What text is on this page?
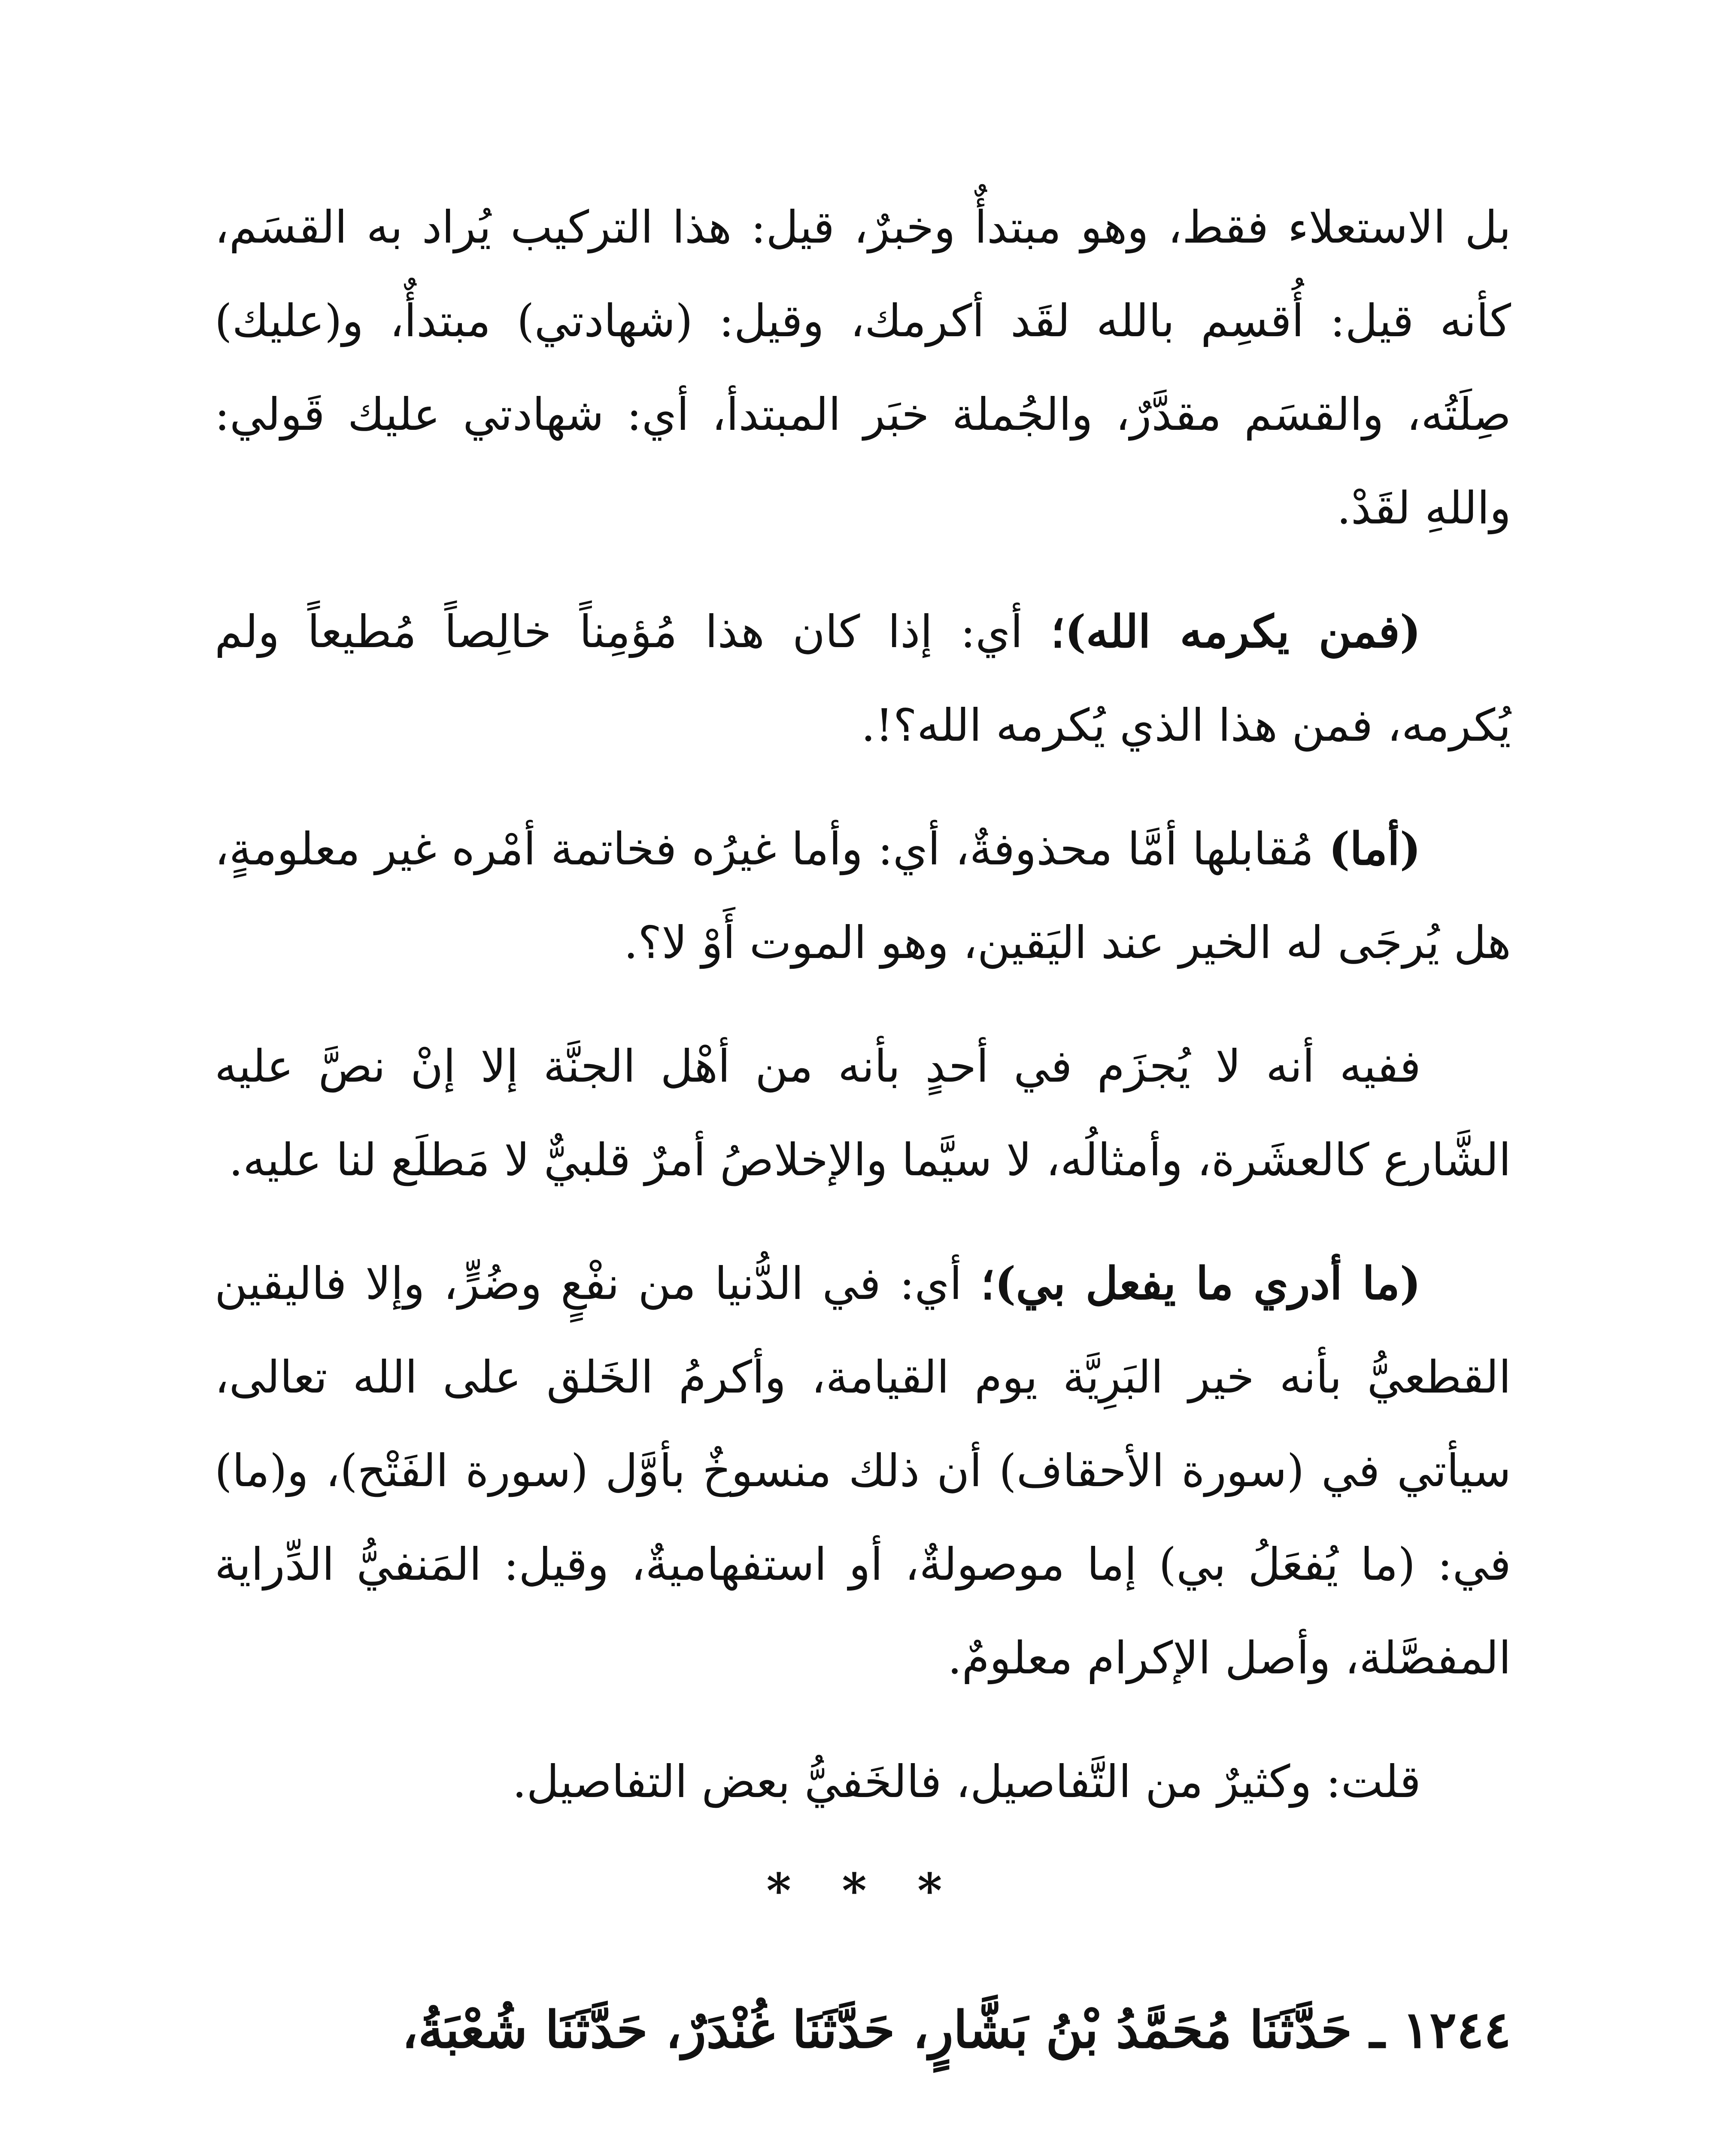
بل الاستعلاء فقط، وهو مبتدأٌ وخبرٌ، قيل: هذا التركيب يُراد به القسَم، كأنه قيل: أُقسِم بالله لقَد أكرمك، وقيل: (شهادتي) مبتدأٌ، و(عليك) صِلَتُه، والقسَم مقدَّرٌ، والجُملة خبَر المبتدأ، أي: شهادتي عليك قَولي: واللهِ لقَدْ.

(فمن يكرمه الله)؛ أي: إذا كان هذا مُؤمِناً خالِصاً مُطيعاً ولم يُكرمه، فمن هذا الذي يُكرمه الله؟!.

(أما) مُقابلها أمَّا محذوفةٌ، أي: وأما غيرُه فخاتمة أمْره غير معلومةٍ، هل يُرجَى له الخير عند اليَقين، وهو الموت أَوْ لا؟.

ففيه أنه لا يُجزَم في أحدٍ بأنه من أهْل الجنَّة إلا إنْ نصَّ عليه الشَّارع كالعشَرة، وأمثالُه، لا سيَّما والإخلاصُ أمرٌ قلبيٌّ لا مَطلَع لنا عليه.

(ما أدري ما يفعل بي)؛ أي: في الدُّنيا من نفْعٍ وضُرٍّ، وإلا فاليقين القطعيُّ بأنه خير البَرِيَّة يوم القيامة، وأكرمُ الخَلق على الله تعالى، سيأتي في (سورة الأحقاف) أن ذلك منسوخٌ بأوَّل (سورة الفَتْح)، و(ما) في: (ما يُفعَلُ بي) إما موصولةٌ، أو استفهاميةٌ، وقيل: المَنفيُّ الدِّراية المفصَّلة، وأصل الإكرام معلومٌ.

قلت: وكثيرٌ من التَّفاصيل، فالخَفيُّ بعض التفاصيل.

* * *

١٢٤٤ ـ حَدَّثَنَا مُحَمَّدُ بْنُ بَشَّارٍ، حَدَّثَنَا غُنْدَرٌ، حَدَّثَنَا شُعْبَةُ،
